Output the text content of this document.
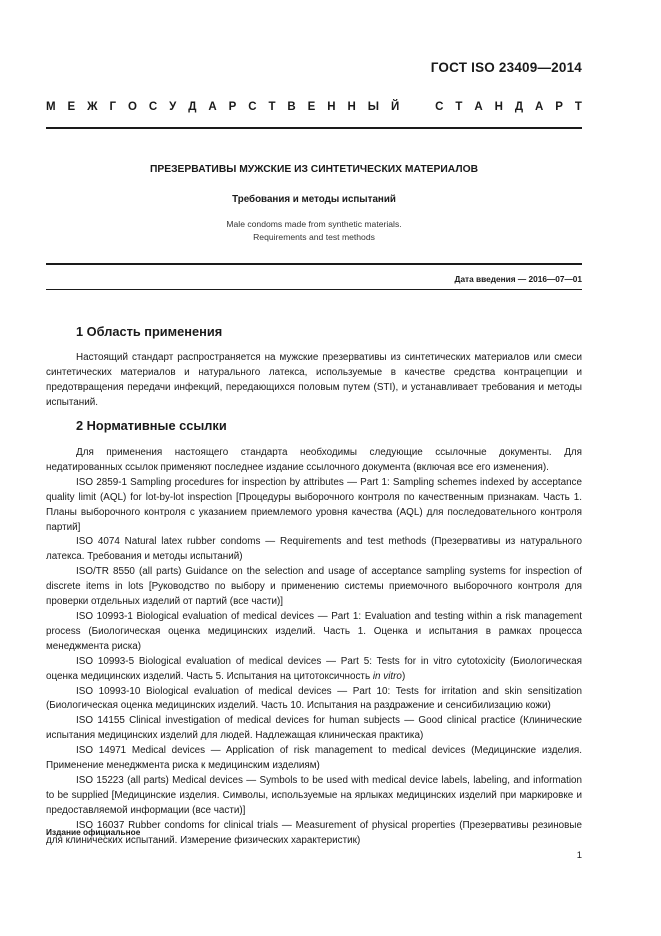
ГОСТ ISO 23409—2014
М Е Ж Г О С У Д А Р С Т В Е Н Н Ы Й	С Т А Н Д А Р Т
ПРЕЗЕРВАТИВЫ МУЖСКИЕ ИЗ СИНТЕТИЧЕСКИХ МАТЕРИАЛОВ
Требования и методы испытаний
Male condoms made from synthetic materials.
Requirements and test methods
Дата введения — 2016—07—01
1 Область применения

Настоящий стандарт распространяется на мужские презервативы из синтетических материалов или смеси синтетических материалов и натурального латекса, используемые в качестве средства контрацепции и предотвращения передачи инфекций, передающихся половым путем (STI), и устанавливает требования и методы испытаний.

2 Нормативные ссылки

Для применения настоящего стандарта необходимы следующие ссылочные документы. Для недатированных ссылок применяют последнее издание ссылочного документа (включая все его изменения).

ISO 2859-1 Sampling procedures for inspection by attributes — Part 1: Sampling schemes indexed by acceptance quality limit (AQL) for lot-by-lot inspection [Процедуры выборочного контроля по качественным признакам. Часть 1. Планы выборочного контроля с указанием приемлемого уровня качества (AQL) для последовательного контроля партий]

ISO 4074 Natural latex rubber condoms — Requirements and test methods (Презервативы из натурального латекса. Требования и методы испытаний)

ISO/TR 8550 (all parts) Guidance on the selection and usage of acceptance sampling systems for inspection of discrete items in lots [Руководство по выбору и применению системы приемочного выборочного контроля для проверки отдельных изделий от партий (все части)]

ISO 10993-1 Biological evaluation of medical devices — Part 1: Evaluation and testing within a risk management process (Биологическая оценка медицинских изделий. Часть 1. Оценка и испытания в рамках процесса менеджмента риска)

ISO 10993-5 Biological evaluation of medical devices — Part 5: Tests for in vitro cytotoxicity (Биологическая оценка медицинских изделий. Часть 5. Испытания на цитотоксичность in vitro)

ISO 10993-10 Biological evaluation of medical devices — Part 10: Tests for irritation and skin sensitization (Биологическая оценка медицинских изделий. Часть 10. Испытания на раздражение и сенсибилизацию кожи)

ISO 14155 Clinical investigation of medical devices for human subjects — Good clinical practice (Клинические испытания медицинских изделий для людей. Надлежащая клиническая практика)

ISO 14971 Medical devices — Application of risk management to medical devices (Медицинские изделия. Применение менеджмента риска к медицинским изделиям)

ISO 15223 (all parts) Medical devices — Symbols to be used with medical device labels, labeling, and information to be supplied [Медицинские изделия. Символы, используемые на ярлыках медицинских изделий при маркировке и предоставляемой информации (все части)]

ISO 16037 Rubber condoms for clinical trials — Measurement of physical properties (Презервативы резиновые для клинических испытаний. Измерение физических характеристик)

Издание официальное
1
